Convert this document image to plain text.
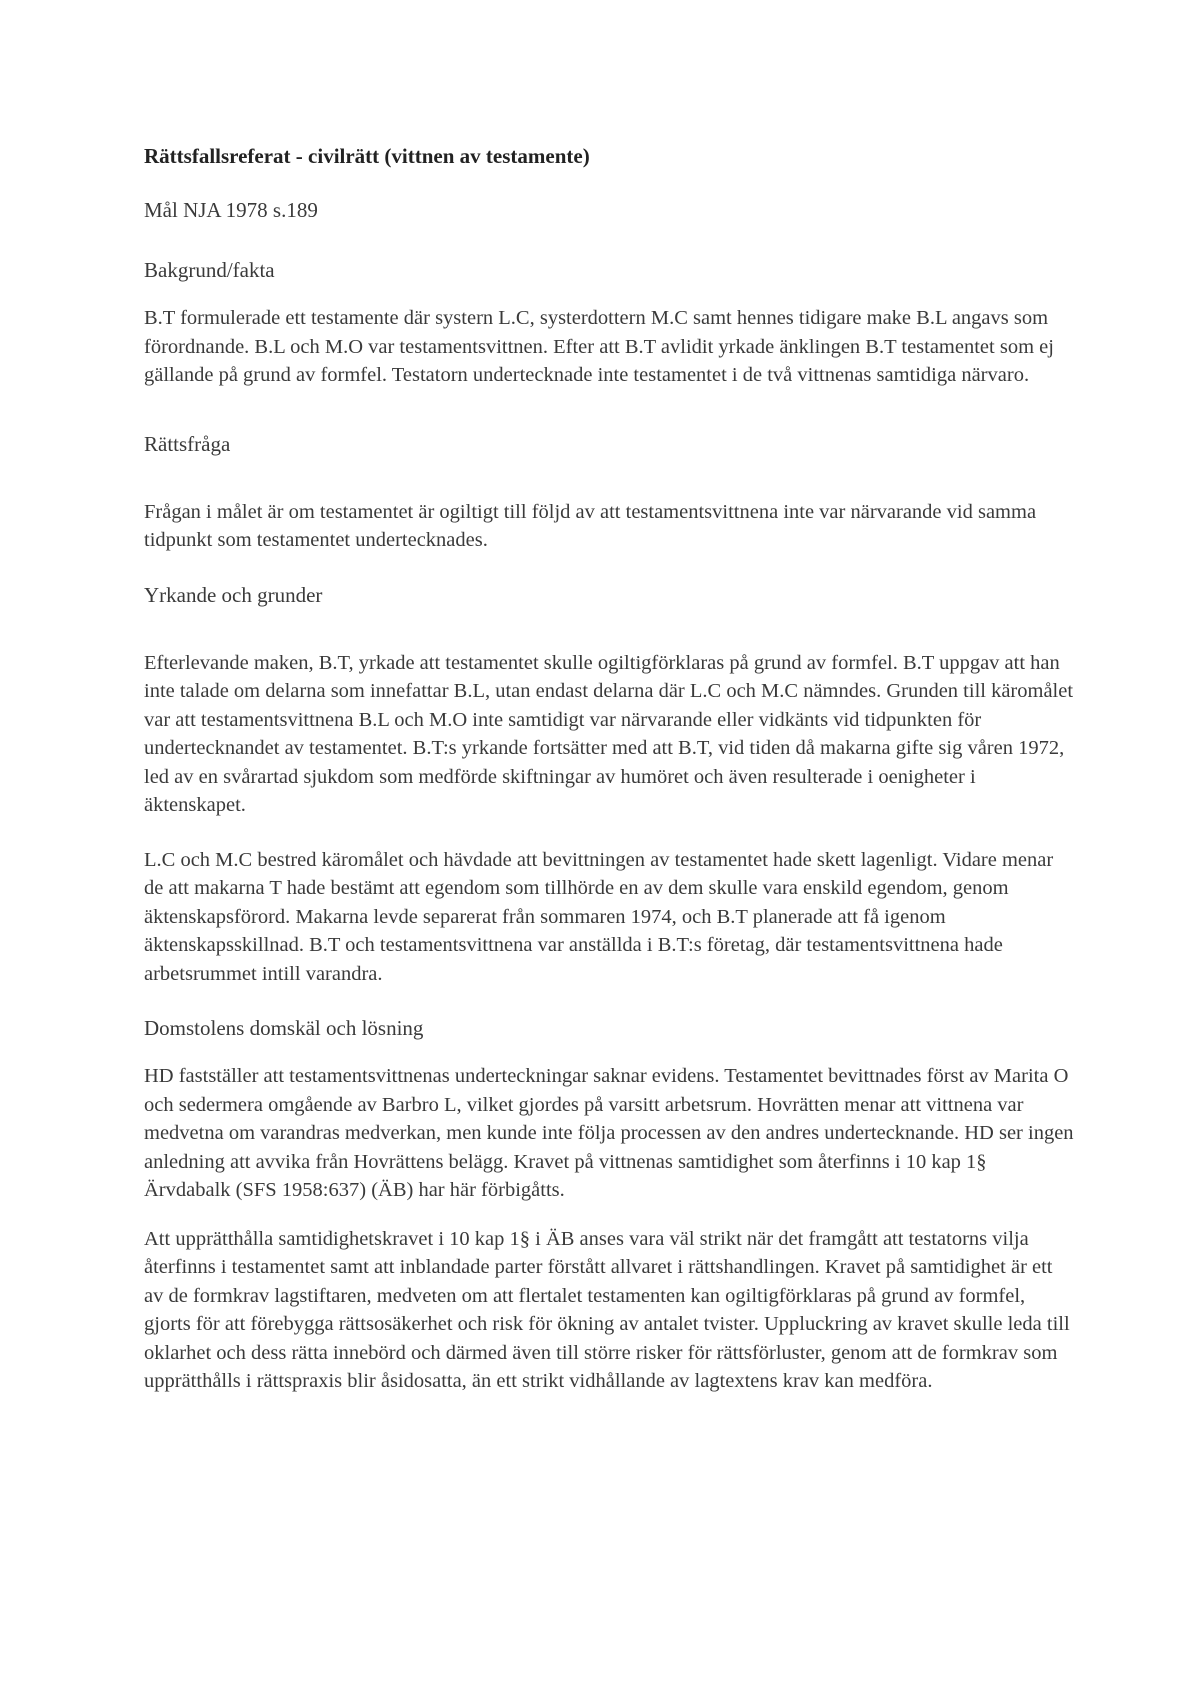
Rättsfallsreferat - civilrätt (vittnen av testamente)

Mål NJA 1978 s.189

Bakgrund/fakta

B.T formulerade ett testamente där systern L.C, systerdottern M.C samt hennes tidigare make B.L angavs som förordnande. B.L och M.O var testamentsvittnen. Efter att B.T avlidit yrkade änklingen B.T testamentet som ej gällande på grund av formfel. Testatorn undertecknade inte testamentet i de två vittnenas samtidiga närvaro.

Rättsfråga

Frågan i målet är om testamentet är ogiltigt till följd av att testamentsvittnena inte var närvarande vid samma tidpunkt som testamentet undertecknades.

Yrkande och grunder

Efterlevande maken, B.T, yrkade att testamentet skulle ogiltigförklaras på grund av formfel. B.T uppgav att han inte talade om delarna som innefattar B.L, utan endast delarna där L.C och M.C nämndes. Grunden till käromålet var att testamentsvittnena B.L och M.O inte samtidigt var närvarande eller vidkänts vid tidpunkten för undertecknandet av testamentet. B.T:s yrkande fortsätter med att B.T, vid tiden då makarna gifte sig våren 1972, led av en svårartad sjukdom som medförde skiftningar av humöret och även resulterade i oenigheter i äktenskapet.

L.C och M.C bestred käromålet och hävdade att bevittningen av testamentet hade skett lagenligt. Vidare menar de att makarna T hade bestämt att egendom som tillhörde en av dem skulle vara enskild egendom, genom äktenskapsförord. Makarna levde separerat från sommaren 1974, och B.T planerade att få igenom äktenskapsskillnad. B.T och testamentsvittnena var anställda i B.T:s företag, där testamentsvittnena hade arbetsrummet intill varandra.

Domstolens domskäl och lösning

HD fastställer att testamentsvittnenas underteckningar saknar evidens. Testamentet bevittnades först av Marita O och sedermera omgående av Barbro L, vilket gjordes på varsitt arbetsrum. Hovrätten menar att vittnena var medvetna om varandras medverkan, men kunde inte följa processen av den andres undertecknande. HD ser ingen anledning att avvika från Hovrättens belägg. Kravet på vittnenas samtidighet som återfinns i 10 kap 1§ Ärvdabalk (SFS 1958:637) (ÄB) har här förbigåtts.

Att upprätthålla samtidighetskravet i 10 kap 1§ i ÄB anses vara väl strikt när det framgått att testatorns vilja återfinns i testamentet samt att inblandade parter förstått allvaret i rättshandlingen. Kravet på samtidighet är ett av de formkrav lagstiftaren, medveten om att flertalet testamenten kan ogiltigförklaras på grund av formfel, gjorts för att förebygga rättsosäkerhet och risk för ökning av antalet tvister. Uppluckring av kravet skulle leda till oklarhet och dess rätta innebörd och därmed även till större risker för rättsförluster, genom att de formkrav som upprätthålls i rättspraxis blir åsidosatta, än ett strikt vidhållande av lagtextens krav kan medföra.
